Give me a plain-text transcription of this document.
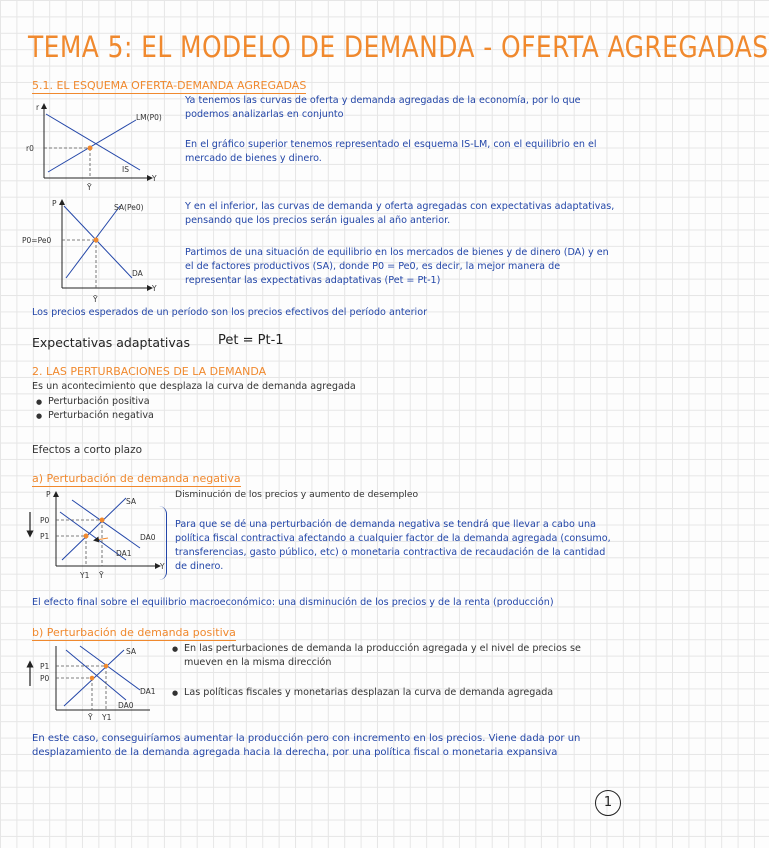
TEMA 5: EL MODELO DE DEMANDA - OFERTA AGREGADAS
5.1. EL ESQUEMA OFERTA-DEMANDA AGREGADAS
r
r0
Y
Ȳ
LM(P0)
IS
P
P0=Pe0
Y
Ȳ
SA(Pe0)
DA
Ya tenemos las curvas de oferta y demanda agregadas de la economía, por lo que podemos analizarlas en conjunto
En el gráfico superior tenemos representado el esquema IS-LM, con el equilibrio en el mercado de bienes y dinero.
Y en el inferior, las curvas de demanda y oferta agregadas con expectativas adaptativas, pensando que los precios serán iguales al año anterior.
Partimos de una situación de equilibrio en los mercados de bienes y de dinero (DA) y en el de factores productivos (SA), donde P0 = Pe0, es decir, la mejor manera de representar las expectativas adaptativas (Pet = Pt-1)
Los precios esperados de un período son los precios efectivos del período anterior
Expectativas adaptativas Pet = Pt-1
2. LAS PERTURBACIONES DE LA DEMANDA
Es un acontecimiento que desplaza la curva de demanda agregada
● Perturbación positiva
● Perturbación negativa
Efectos a corto plazo
a) Perturbación de demanda negativa
P
P0
P1
Y
Y1 Ȳ
SA
DA0
DA1
Disminución de los precios y aumento de desempleo
Para que se dé una perturbación de demanda negativa se tendrá que llevar a cabo una política fiscal contractiva afectando a cualquier factor de la demanda agregada (consumo, transferencias, gasto público, etc) o monetaria contractiva de recaudación de la cantidad de dinero.
El efecto final sobre el equilibrio macroeconómico: una disminución de los precios y de la renta (producción)
b) Perturbación de demanda positiva
P1
P0
Ȳ Y1
SA
DA0
DA1
● En las perturbaciones de demanda la producción agregada y el nivel de precios se mueven en la misma dirección
● Las políticas fiscales y monetarias desplazan la curva de demanda agregada
En este caso, conseguiríamos aumentar la producción pero con incremento en los precios. Viene dada por un desplazamiento de la demanda agregada hacia la derecha, por una política fiscal o monetaria expansiva
1
